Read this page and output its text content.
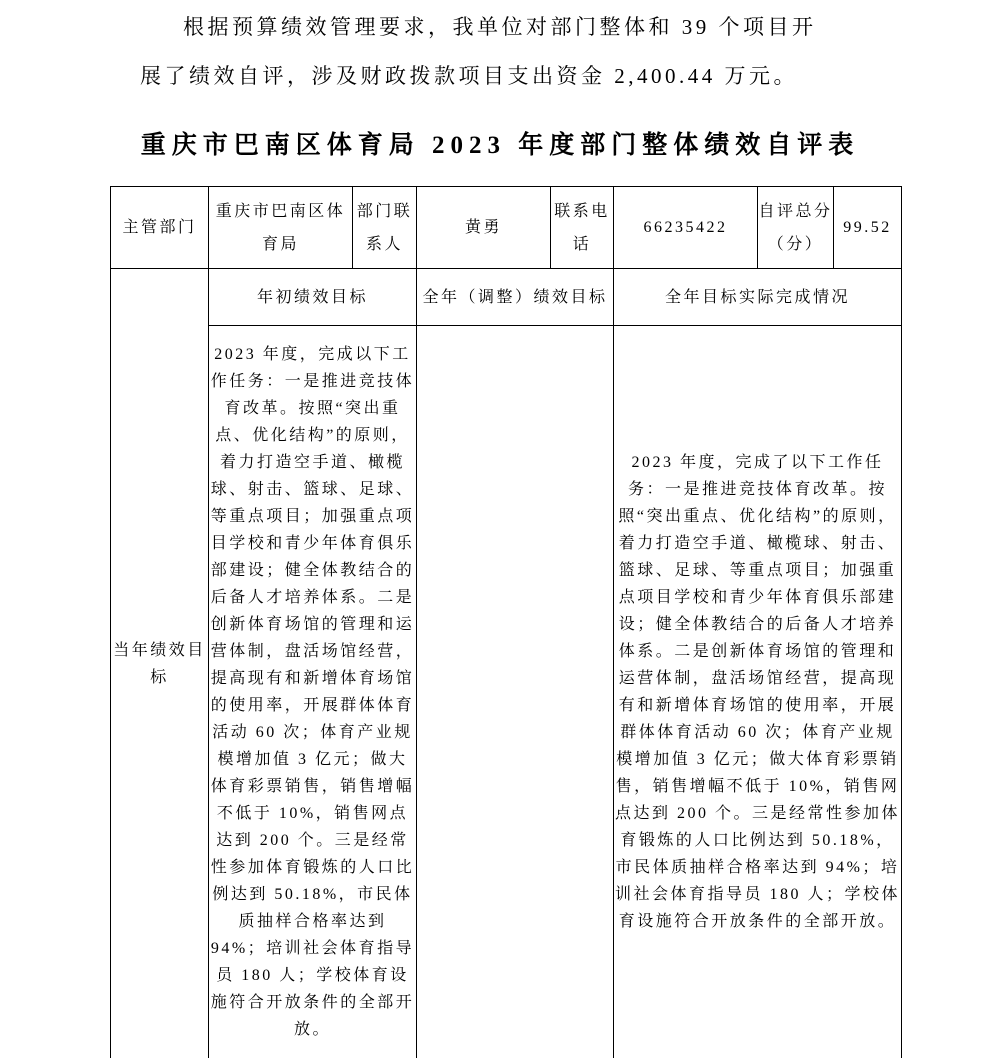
根据预算绩效管理要求，我单位对部门整体和 39 个项目开
展了绩效自评，涉及财政拨款项目支出资金 2,400.44 万元。
重庆市巴南区体育局 2023 年度部门整体绩效自评表
主管部门	重庆市巴南区体育局	部门联系人	黄勇	联系电话	66235422	自评总分（分）	99.52
当年绩效目标	年初绩效目标		全年（调整）绩效目标		全年目标实际完成情况		
2023 年度，完成以下工作任务：一是推进竞技体育改革。按照“突出重点、优化结构”的原则，着力打造空手道、橄榄球、射击、篮球、足球、等重点项目；加强重点项目学校和青少年体育俱乐部建设；健全体教结合的后备人才培养体系。二是创新体育场馆的管理和运营体制，盘活场馆经营，提高现有和新增体育场馆的使用率，开展群体体育活动 60 次；体育产业规模增加值 3 亿元；做大体育彩票销售，销售增幅不低于 10%，销售网点达到 200 个。三是经常性参加体育锻炼的人口比例达到 50.18%，市民体质抽样合格率达到 94%；培训社会体育指导员 180 人；学校体育设施符合开放条件的全部开放。		2023 年度，完成了以下工作任务：一是推进竞技体育改革。按照“突出重点、优化结构”的原则，着力打造空手道、橄榄球、射击、篮球、足球、等重点项目；加强重点项目学校和青少年体育俱乐部建设；健全体教结合的后备人才培养体系。二是创新体育场馆的管理和运营体制，盘活场馆经营，提高现有和新增体育场馆的使用率，开展群体体育活动 60 次；体育产业规模增加值 3 亿元；做大体育彩票销售，销售增幅不低于 10%，销售网点达到 200 个。三是经常性参加体育锻炼的人口比例达到 50.18%，市民体质抽样合格率达到 94%；培训社会体育指导员 180 人；学校体育设施符合开放条件的全部开放。
